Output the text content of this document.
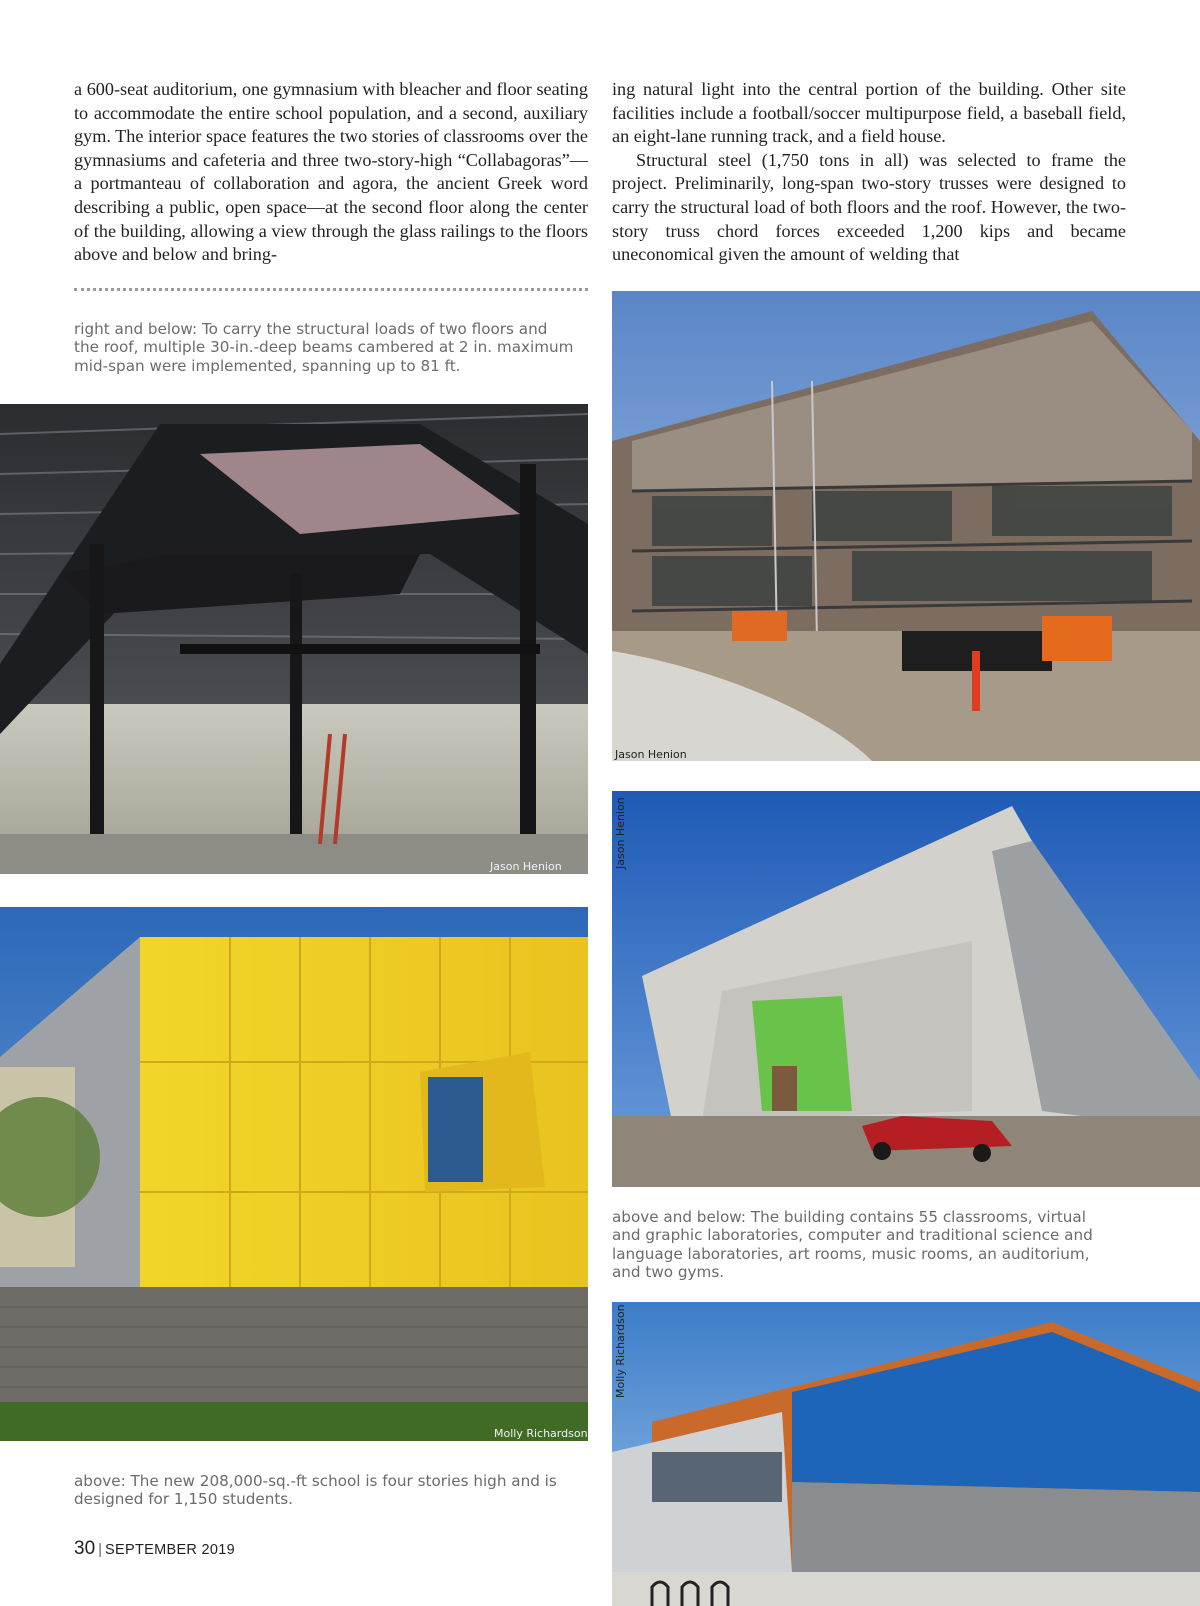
a 600-seat auditorium, one gymnasium with bleacher and floor seating to accommodate the entire school population, and a second, auxiliary gym. The interior space features the two stories of classrooms over the gymnasiums and cafeteria and three two-story-high “Collabagoras”—a portmanteau of collaboration and agora, the ancient Greek word describing a public, open space—at the second floor along the center of the building, allowing a view through the glass railings to the floors above and below and bring-

ing natural light into the central portion of the building. Other site facilities include a football/soccer multipurpose field, a baseball field, an eight-lane running track, and a field house.

Structural steel (1,750 tons in all) was selected to frame the project. Preliminarily, long-span two-story trusses were designed to carry the structural load of both floors and the roof. However, the two-story truss chord forces exceeded 1,200 kips and became uneconomical given the amount of welding that

right and below: To carry the structural loads of two floors and the roof, multiple 30-in.-deep beams cambered at 2 in. maximum mid-span were implemented, spanning up to 81 ft.
Jason Henion
Jason Henion
Jason Henion
Molly Richardson
above and below: The building contains 55 classrooms, virtual and graphic laboratories, computer and traditional science and language laboratories, art rooms, music rooms, an auditorium, and two gyms.
Molly Richardson
above: The new 208,000-sq.-ft school is four stories high and is designed for 1,150 students.
30 | SEPTEMBER 2019
